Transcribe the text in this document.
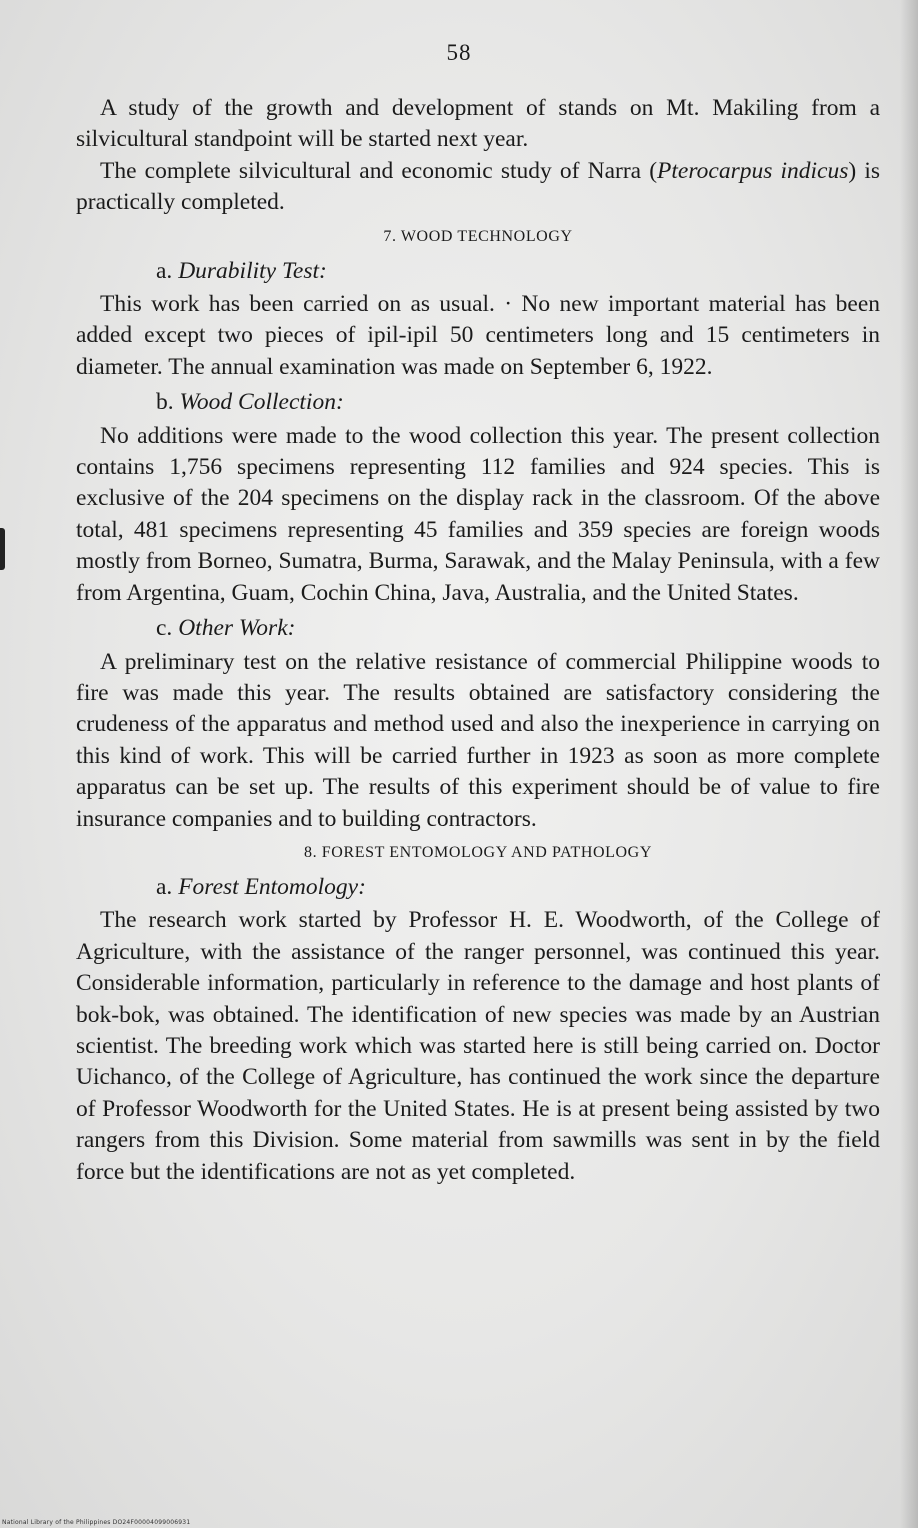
58

A study of the growth and development of stands on Mt. Makiling from a silvicultural standpoint will be started next year.

The complete silvicultural and economic study of Narra (Pterocarpus indicus) is practically completed.

7. WOOD TECHNOLOGY
a. Durability Test:

This work has been carried on as usual. · No new important material has been added except two pieces of ipil-ipil 50 centimeters long and 15 centimeters in diameter. The annual examination was made on September 6, 1922.

b. Wood Collection:

No additions were made to the wood collection this year. The present collection contains 1,756 specimens representing 112 families and 924 species. This is exclusive of the 204 specimens on the display rack in the classroom. Of the above total, 481 specimens representing 45 families and 359 species are foreign woods mostly from Borneo, Sumatra, Burma, Sarawak, and the Malay Peninsula, with a few from Argentina, Guam, Cochin China, Java, Australia, and the United States.

c. Other Work:

A preliminary test on the relative resistance of commercial Philippine woods to fire was made this year. The results obtained are satisfactory considering the crudeness of the apparatus and method used and also the inexperience in carrying on this kind of work. This will be carried further in 1923 as soon as more complete apparatus can be set up. The results of this experiment should be of value to fire insurance companies and to building contractors.

8. FOREST ENTOMOLOGY AND PATHOLOGY
a. Forest Entomology:

The research work started by Professor H. E. Woodworth, of the College of Agriculture, with the assistance of the ranger personnel, was continued this year. Considerable information, particularly in reference to the damage and host plants of bok-bok, was obtained. The identification of new species was made by an Austrian scientist. The breeding work which was started here is still being carried on. Doctor Uichanco, of the College of Agriculture, has continued the work since the departure of Professor Woodworth for the United States. He is at present being assisted by two rangers from this Division. Some material from sawmills was sent in by the field force but the identifications are not as yet completed.

National Library of the Philippines DO24F00004099006931
